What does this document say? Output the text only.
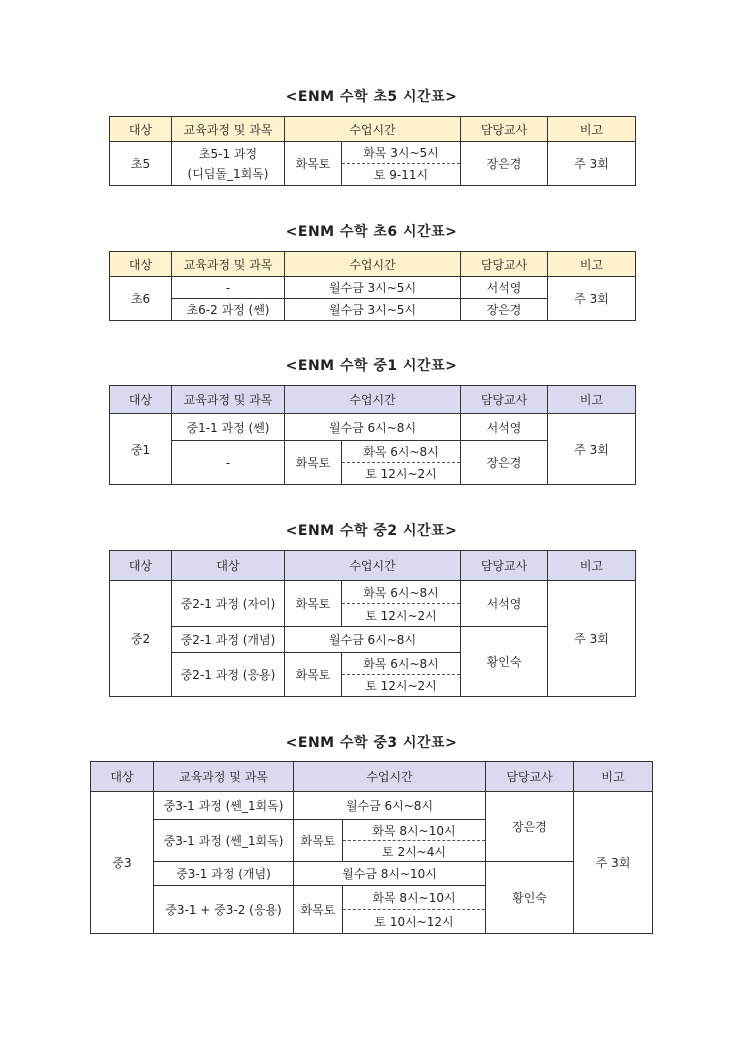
<ENM 수학 초5 시간표>
대상	교육과정 및 과목	수업시간		담당교사	비고
초5	초5-1 과정
(디딤돌_1회독)	화목토	화목 3시~5시	장은경	주 3회
			토 9-11시		
<ENM 수학 초6 시간표>
대상	교육과정 및 과목	수업시간	담당교사	비고
초6	-	월수금 3시~5시	서석영	주 3회
	초6-2 과정 (쎈)	월수금 3시~5시	장은경	
<ENM 수학 중1 시간표>
대상	교육과정 및 과목	수업시간		담당교사	비고
중1	중1-1 과정 (쎈)	월수금 6시~8시		서석영	주 3회
	-	화목토	화목 6시~8시	장은경	
			토 12시~2시		
<ENM 수학 중2 시간표>
대상	대상	수업시간		담당교사	비고
중2	중2-1 과정 (자이)	화목토	화목 6시~8시	서석영	주 3회
			토 12시~2시		
	중2-1 과정 (개념)	월수금 6시~8시		황인숙	
	중2-1 과정 (응용)	화목토	화목 6시~8시		
			토 12시~2시		
<ENM 수학 중3 시간표>
대상	교육과정 및 과목	수업시간		담당교사	비고
중3	중3-1 과정 (쎈_1회독)	월수금 6시~8시		장은경	주 3회
	중3-1 과정 (쎈_1회독)	화목토	화목 8시~10시		
			토 2시~4시		
	중3-1 과정 (개념)	월수금 8시~10시		황인숙	
	중3-1 + 중3-2 (응용)	화목토	화목 8시~10시		
			토 10시~12시		
